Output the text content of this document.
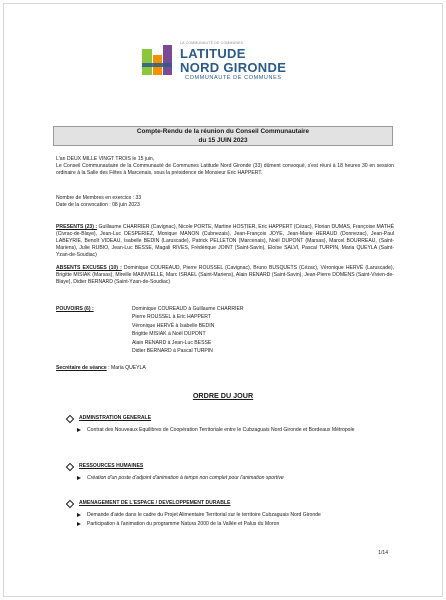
LA COMMUNAUTÉ DE COMMUNES
LATITUDE
NORD GIRONDE
COMMUNAUTÉ DE COMMUNES
Compte-Rendu de la réunion du Conseil Communautaire
du 15 JUIN 2023

L'an DEUX MILLE VINGT TROIS le 15 juin,

Le Conseil Communautaire de la Communauté de Communes Latitude Nord Gironde (33) dûment convoqué, s'est réuni à 18 heures 30 en session ordinaire à la Salle des Fêtes à Marcenais, sous la présidence de Monsieur Eric HAPPERT.

Nombre de Membres en exercice : 33

Date de la convocation : 08 juin 2023

PRESENTS (23) : Guillaume CHARRIER (Cavignac), Nicole PORTE, Martine HOSTIER, Eric HAPPERT (Cézac), Florian DUMAS, Françoise MATHÉ (Civrac-de-Blaye), Jean-Luc DESPERIEZ, Monique MANON (Cubnezais), Jean-François JOYE, Jean-Marie HERAUD (Donnezac), Jean-Paul LABEYRIE, Benoît VIDEAU, Isabelle BEDIN (Laruscade), Patrick PELLETON (Marcenais), Noël DUPONT (Marsas), Marcel BOURREAU, (Saint-Mariens), Julie RUBIO, Jean-Luc BESSE, Magali RIVES, Frédérique JOINT (Saint-Savin), Eloïse SALVI, Pascal TURPIN, Maria QUEYLA (Saint-Yzan-de-Soudiac)
ABSENTS EXCUSES (10) : Dominique COUREAUD, Pierre ROUSSEL (Cavignac), Bruno BUSQUETS (Cézac), Véronique HERVÉ (Laruscade), Brigitte MISIAK (Marsas), Mireille MAINVIELLE, Marc ISRAEL (Saint-Mariens), Alain RENARD (Saint-Savin), Jean-Pierre DOMENS (Saint-Vivien-de-Blaye), Didier BERNARD (Saint-Yzan-de-Soudiac)
POUVOIRS (6) :	Dominique COUREAUD à Guillaume CHARRIER
Pierre ROUSSEL à Eric HAPPERT
Véronique HERVÉ à Isabelle BEDIN
Brigitte MISIAK à Noël DUPONT
Alain RENARD à Jean-Luc BESSE
Didier BERNARD à Pascal TURPIN
Secrétaire de séance : Maria QUEYLA
ORDRE DU JOUR
ADMINSTRATION GENERALE
Contrat des Nouveaux Equilibres de Coopération Territoriale entre le Cubzaguais Nord Gironde et Bordeaux Métropole
RESSOURCES HUMAINES
Création d'un poste d'adjoint d'animation à temps non complet pour l'animation sportive
AMENAGEMENT DE L'ESPACE / DEVELOPPEMENT DURABLE
Demande d'aide dans le cadre du Projet Alimentaire Territorial sur le territoire Cubzaguais Nord Gironde
Participation à l'animation du programme Natura 2000 de la Vallée et Palus du Moron
1/14
